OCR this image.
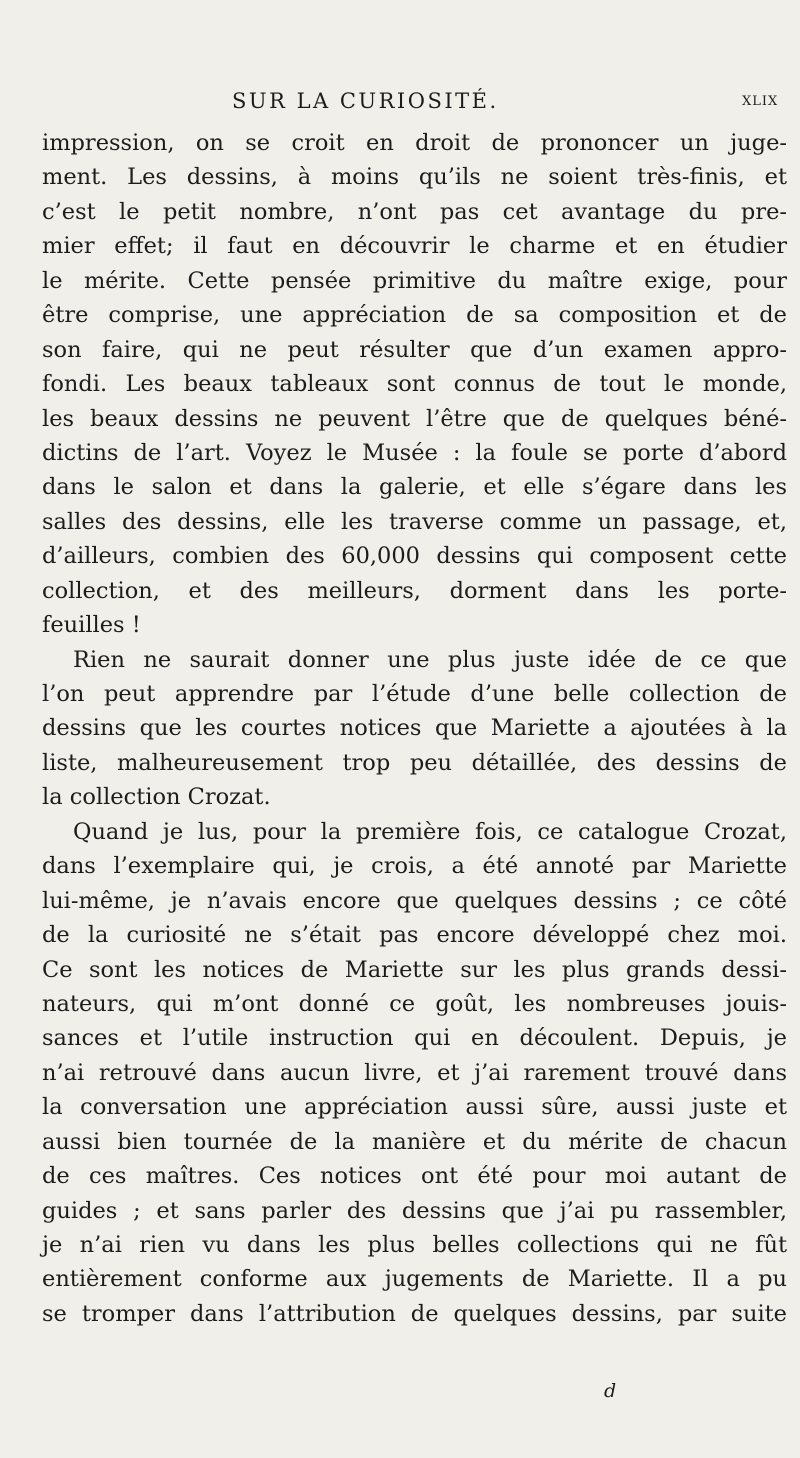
SUR LA CURIOSITÉ.	XLIX
impression, on se croit en droit de prononcer un juge-
ment. Les dessins, à moins qu’ils ne soient très-finis, et
c’est le petit nombre, n’ont pas cet avantage du pre-
mier effet; il faut en découvrir le charme et en étudier
le mérite. Cette pensée primitive du maître exige, pour
être comprise, une appréciation de sa composition et de
son faire, qui ne peut résulter que d’un examen appro-
fondi. Les beaux tableaux sont connus de tout le monde,
les beaux dessins ne peuvent l’être que de quelques béné-
dictins de l’art. Voyez le Musée : la foule se porte d’abord
dans le salon et dans la galerie, et elle s’égare dans les
salles des dessins, elle les traverse comme un passage, et,
d’ailleurs, combien des 60,000 dessins qui composent cette
collection, et des meilleurs, dorment dans les porte-
feuilles !
Rien ne saurait donner une plus juste idée de ce que
l’on peut apprendre par l’étude d’une belle collection de
dessins que les courtes notices que Mariette a ajoutées à la
liste, malheureusement trop peu détaillée, des dessins de
la collection Crozat.
Quand je lus, pour la première fois, ce catalogue Crozat,
dans l’exemplaire qui, je crois, a été annoté par Mariette
lui-même, je n’avais encore que quelques dessins ; ce côté
de la curiosité ne s’était pas encore développé chez moi.
Ce sont les notices de Mariette sur les plus grands dessi-
nateurs, qui m’ont donné ce goût, les nombreuses jouis-
sances et l’utile instruction qui en découlent. Depuis, je
n’ai retrouvé dans aucun livre, et j’ai rarement trouvé dans
la conversation une appréciation aussi sûre, aussi juste et
aussi bien tournée de la manière et du mérite de chacun
de ces maîtres. Ces notices ont été pour moi autant de
guides ; et sans parler des dessins que j’ai pu rassembler,
je n’ai rien vu dans les plus belles collections qui ne fût
entièrement conforme aux jugements de Mariette. Il a pu
se tromper dans l’attribution de quelques dessins, par suite
d
